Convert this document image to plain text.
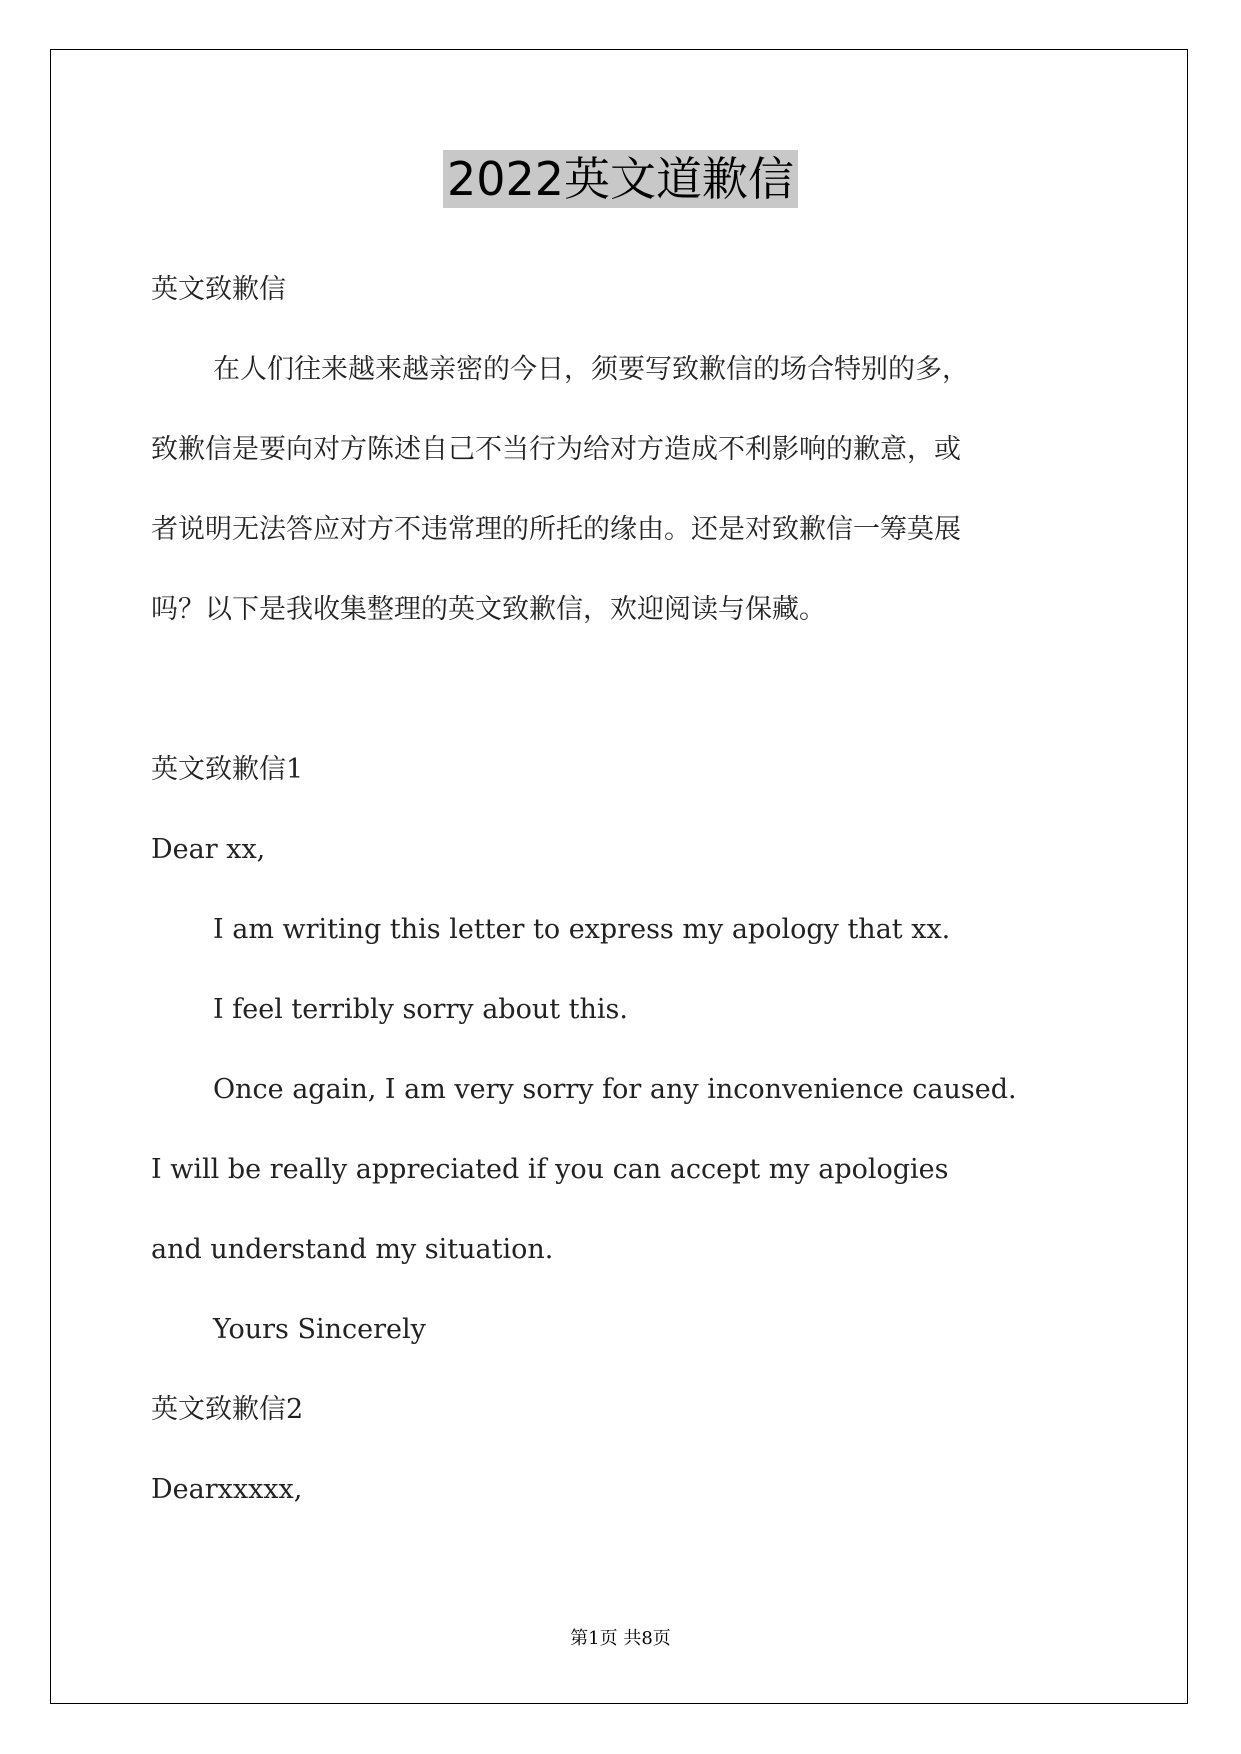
2022英文道歉信
英文致歉信
在人们往来越来越亲密的今日，须要写致歉信的场合特别的多，
致歉信是要向对方陈述自己不当行为给对方造成不利影响的歉意，或
者说明无法答应对方不违常理的所托的缘由。还是对致歉信一筹莫展
吗？以下是我收集整理的英文致歉信，欢迎阅读与保藏。
英文致歉信1
Dear xx,
I am writing this letter to express my apology that xx.
I feel terribly sorry about this.
Once again, I am very sorry for any inconvenience caused.
I will be really appreciated if you can accept my apologies
and understand my situation.
Yours Sincerely
英文致歉信2
Dearxxxxx,
第1页 共8页
